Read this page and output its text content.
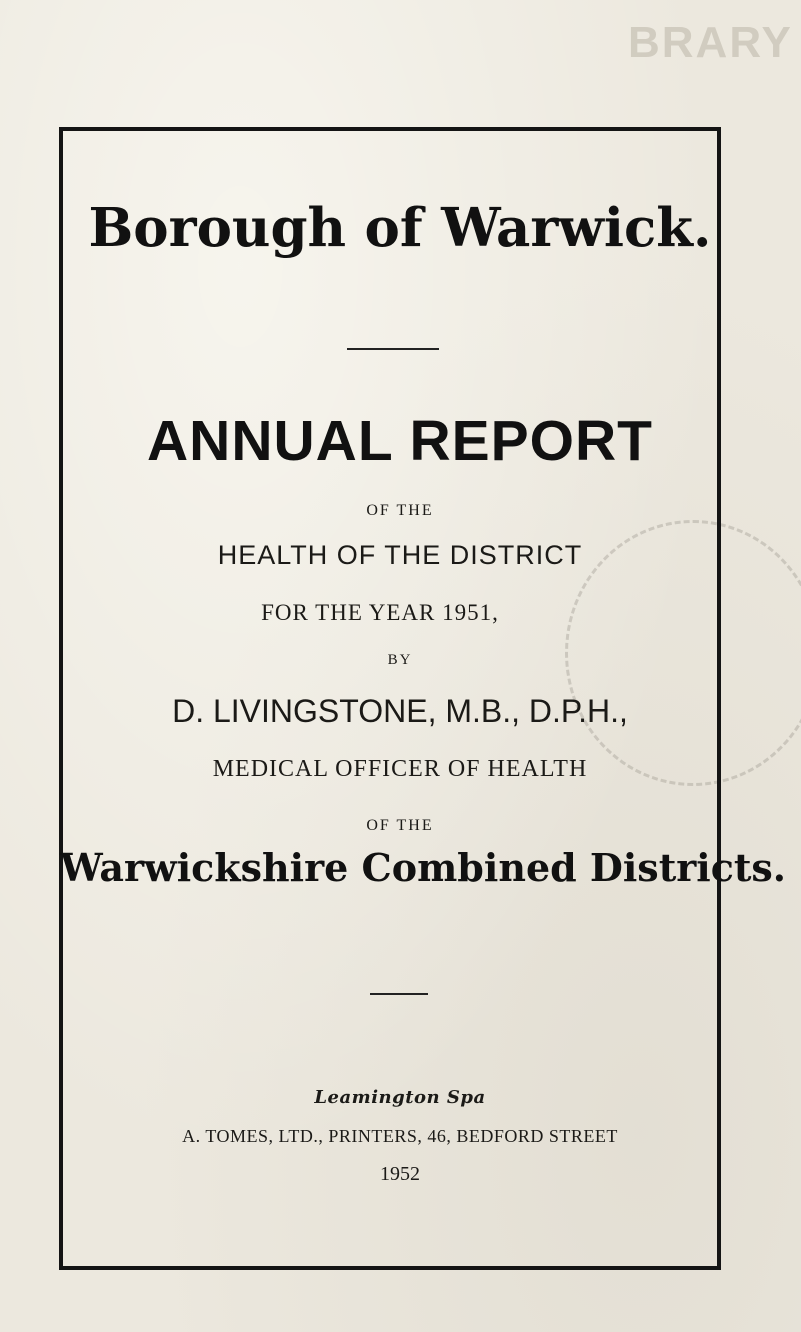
BRARY
Borough of Warwick.
ANNUAL REPORT
OF THE
HEALTH OF THE DISTRICT
FOR THE YEAR 1951,
BY
D. LIVINGSTONE, M.B., D.P.H.,
MEDICAL OFFICER OF HEALTH
OF THE
Warwickshire Combined Districts.
Leamington Spa
A. TOMES, LTD., PRINTERS, 46, BEDFORD STREET
1952
